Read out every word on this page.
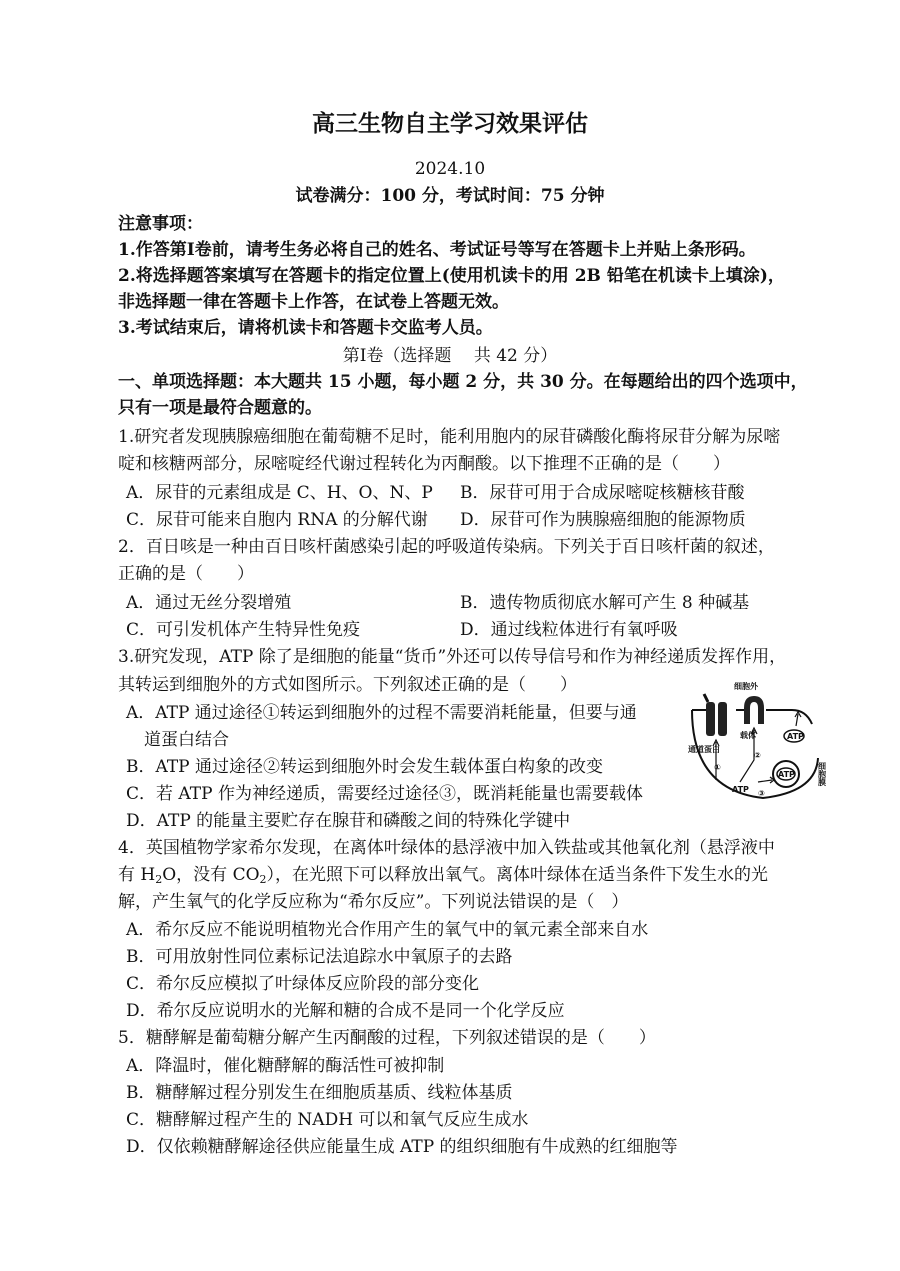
高三生物自主学习效果评估
2024.10
试卷满分：100 分，考试时间：75 分钟
注意事项：
1.作答第Ⅰ卷前，请考生务必将自己的姓名、考试证号等写在答题卡上并贴上条形码。
2.将选择题答案填写在答题卡的指定位置上(使用机读卡的用 2B 铅笔在机读卡上填涂)，
非选择题一律在答题卡上作答，在试卷上答题无效。
3.考试结束后，请将机读卡和答题卡交监考人员。
第Ⅰ卷（选择题　 共 42 分）
一、单项选择题：本大题共 15 小题，每小题 2 分，共 30 分。在每题给出的四个选项中，
只有一项是最符合题意的。
1.研究者发现胰腺癌细胞在葡萄糖不足时，能利用胞内的尿苷磷酸化酶将尿苷分解为尿嘧
啶和核糖两部分，尿嘧啶经代谢过程转化为丙酮酸。以下推理不正确的是（　　）
A．尿苷的元素组成是 C、H、O、N、P B．尿苷可用于合成尿嘧啶核糖核苷酸
C．尿苷可能来自胞内 RNA 的分解代谢 D．尿苷可作为胰腺癌细胞的能源物质
2．百日咳是一种由百日咳杆菌感染引起的呼吸道传染病。下列关于百日咳杆菌的叙述，
正确的是（　　）
A．通过无丝分裂增殖	B．遗传物质彻底水解可产生 8 种碱基
C．可引发机体产生特异性免疫	D．通过线粒体进行有氧呼吸
3.研究发现，ATP 除了是细胞的能量“货币”外还可以传导信号和作为神经递质发挥作用，
其转运到细胞外的方式如图所示。下列叙述正确的是（　　）
A．ATP 通过途径①转运到细胞外的过程不需要消耗能量，但要与通
道蛋白结合
B．ATP 通过途径②转运到细胞外时会发生载体蛋白构象的改变
C．若 ATP 作为神经递质，需要经过途径③，既消耗能量也需要载体
D．ATP 的能量主要贮存在腺苷和磷酸之间的特殊化学键中
细胞外
载体
通道蛋白
①
②
③
ATP
ATP
ATP
细胞膜
4．英国植物学家希尔发现，在离体叶绿体的悬浮液中加入铁盐或其他氧化剂（悬浮液中
有 $H_2O$，没有 $CO_2$），在光照下可以释放出氧气。离体叶绿体在适当条件下发生水的光
解，产生氧气的化学反应称为“希尔反应”。下列说法错误的是（　）
A．希尔反应不能说明植物光合作用产生的氧气中的氧元素全部来自水
B．可用放射性同位素标记法追踪水中氧原子的去路
C．希尔反应模拟了叶绿体反应阶段的部分变化
D．希尔反应说明水的光解和糖的合成不是同一个化学反应
5．糖酵解是葡萄糖分解产生丙酮酸的过程，下列叙述错误的是（　　）
A．降温时，催化糖酵解的酶活性可被抑制
B．糖酵解过程分别发生在细胞质基质、线粒体基质
C．糖酵解过程产生的 NADH 可以和氧气反应生成水
D．仅依赖糖酵解途径供应能量生成 ATP 的组织细胞有牛成熟的红细胞等
